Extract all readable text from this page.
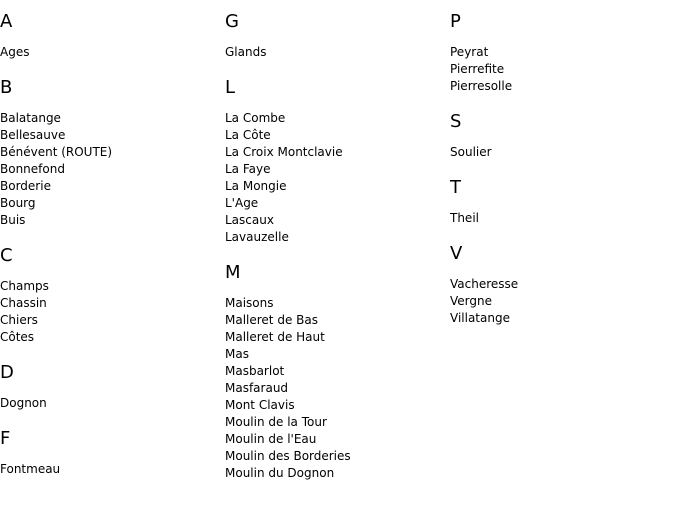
A
Ages
B
Balatange
Bellesauve
Bénévent (ROUTE)
Bonnefond
Borderie
Bourg
Buis
C
Champs
Chassin
Chiers
Côtes
D
Dognon
F
Fontmeau
G
Glands
L
La Combe
La Côte
La Croix Montclavie
La Faye
La Mongie
L'Age
Lascaux
Lavauzelle
M
Maisons
Malleret de Bas
Malleret de Haut
Mas
Masbarlot
Masfaraud
Mont Clavis
Moulin de la Tour
Moulin de l'Eau
Moulin des Borderies
Moulin du Dognon
P
Peyrat
Pierrefite
Pierresolle
S
Soulier
T
Theil
V
Vacheresse
Vergne
Villatange
